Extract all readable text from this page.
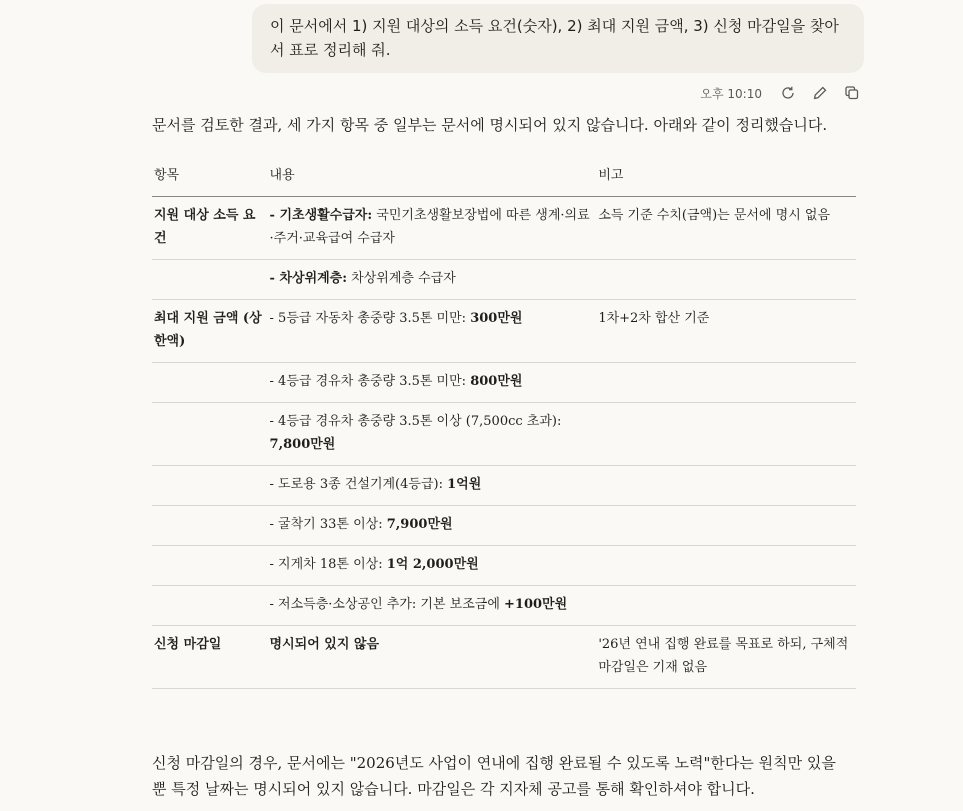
이 문서에서 1) 지원 대상의 소득 요건(숫자), 2) 최대 지원 금액, 3) 신청 마감일을 찾아서 표로 정리해 줘.
오후 10:10

문서를 검토한 결과, 세 가지 항목 중 일부는 문서에 명시되어 있지 않습니다. 아래와 같이 정리했습니다.

항목	내용	비고
지원 대상 소득 요건	- 기초생활수급자: 국민기초생활보장법에 따른 생계·의료·주거·교육급여 수급자	소득 기준 수치(금액)는 문서에 명시 없음
	- 차상위계층: 차상위계층 수급자	
최대 지원 금액 (상한액)	- 5등급 자동차 총중량 3.5톤 미만: 300만원	1차+2차 합산 기준
	- 4등급 경유차 총중량 3.5톤 미만: 800만원	
	- 4등급 경유차 총중량 3.5톤 이상 (7,500cc 초과): 7,800만원	
	- 도로용 3종 건설기계(4등급): 1억원	
	- 굴착기 33톤 이상: 7,900만원	
	- 지게차 18톤 이상: 1억 2,000만원	
	- 저소득층·소상공인 추가: 기본 보조금에 +100만원	
신청 마감일	명시되어 있지 않음	'26년 연내 집행 완료를 목표로 하되, 구체적 마감일은 기재 없음

신청 마감일의 경우, 문서에는 "2026년도 사업이 연내에 집행 완료될 수 있도록 노력"한다는 원칙만 있을 뿐 특정 날짜는 명시되어 있지 않습니다. 마감일은 각 지자체 공고를 통해 확인하셔야 합니다.
